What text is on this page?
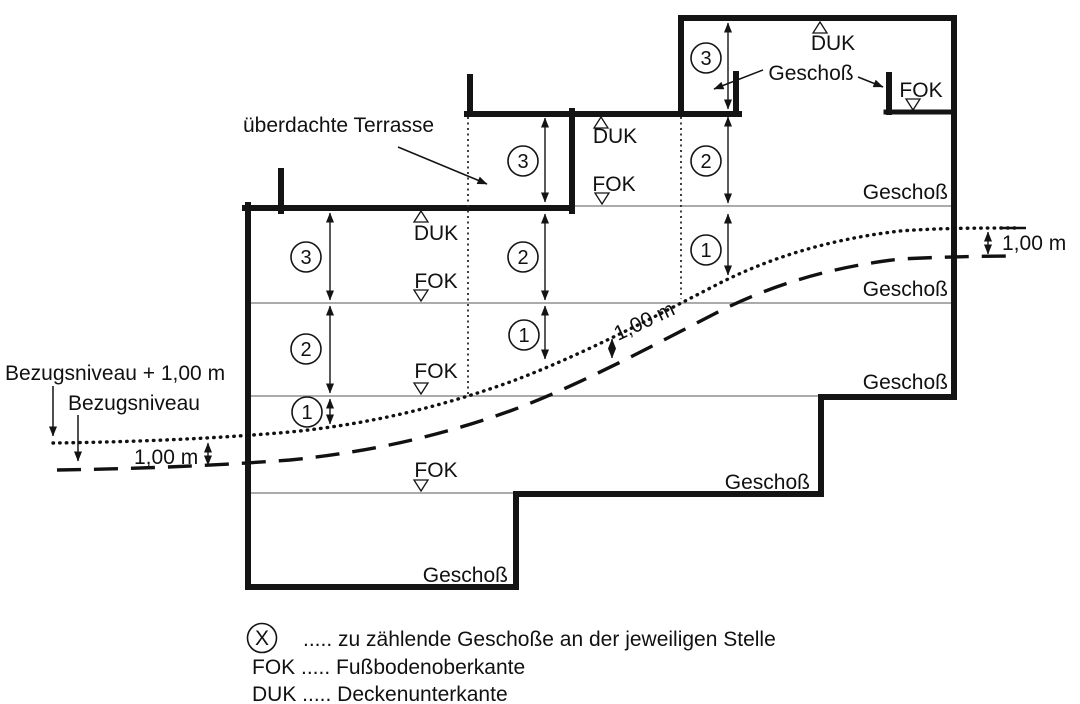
3
2
1
3
2
1
3
2
1
überdachte Terrasse
DUK
FOK
FOK
FOK
DUK
FOK
DUK
Geschoß
FOK
Geschoß
Geschoß
Geschoß
Geschoß
Geschoß
Bezugsniveau + 1,00 m
Bezugsniveau
1,00 m
1,00 m
1,00 m
X ..... zu zählende Geschoße an der jeweiligen Stelle
FOK ..... Fußbodenoberkante
DUK ..... Deckenunterkante
